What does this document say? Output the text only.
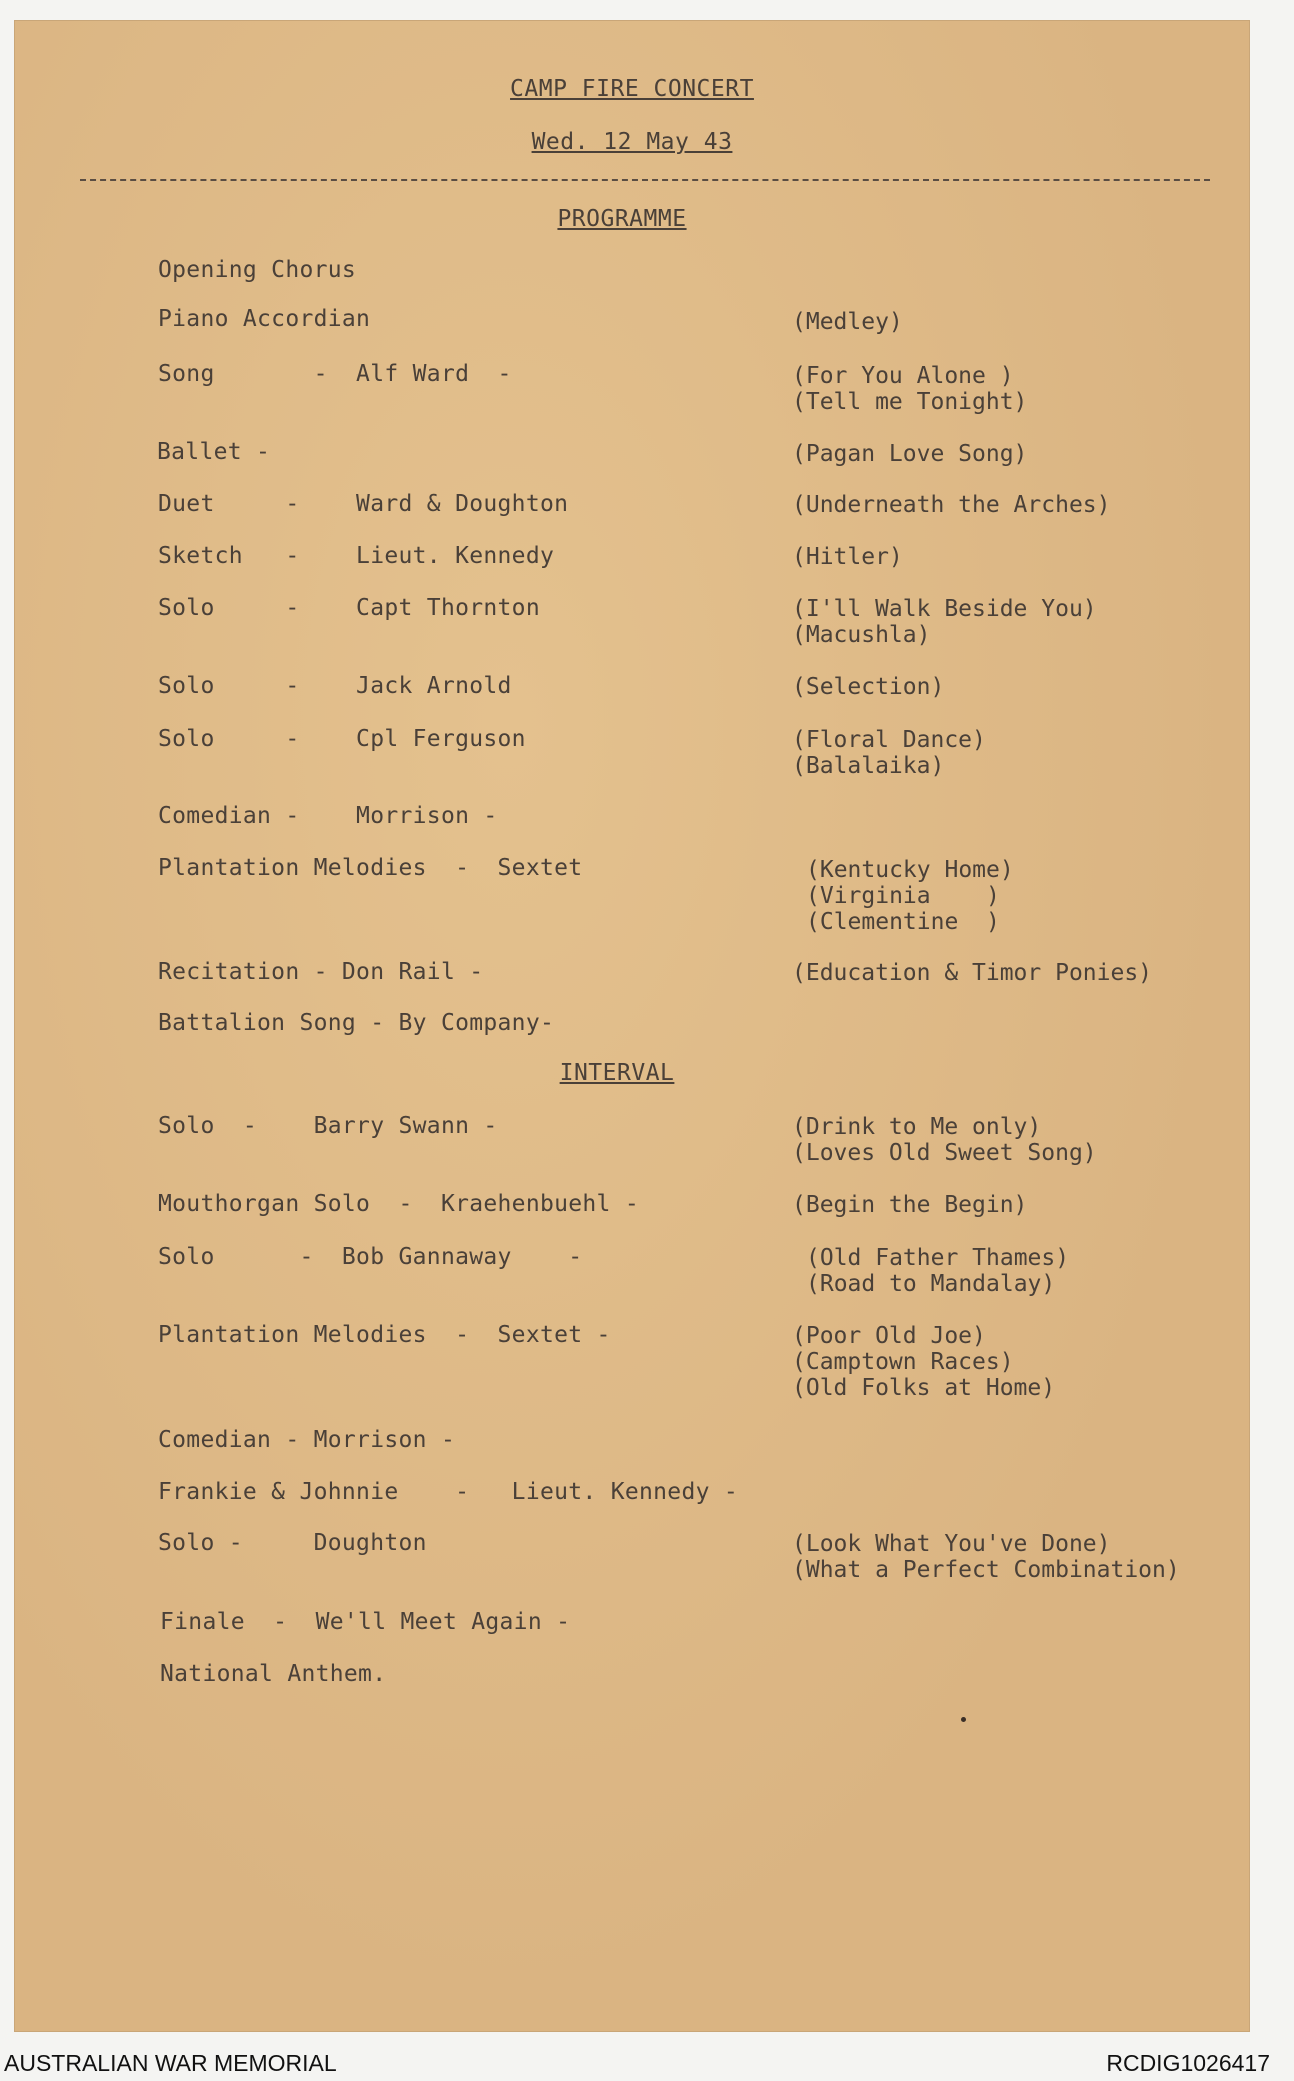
CAMP FIRE CONCERT
Wed. 12 May 43
PROGRAMME
Opening Chorus
Piano Accordian	(Medley)
Song       -  Alf Ward  -	(For You Alone )
(Tell me Tonight)
Ballet -	(Pagan Love Song)
Duet     -    Ward & Doughton	(Underneath the Arches)
Sketch   -    Lieut. Kennedy	(Hitler)
Solo     -    Capt Thornton	(I'll Walk Beside You)
(Macushla)
Solo     -    Jack Arnold	(Selection)
Solo     -    Cpl Ferguson	(Floral Dance)
(Balalaika)
Comedian -    Morrison -
Plantation Melodies  -  Sextet	(Kentucky Home)
(Virginia    )
(Clementine  )
Recitation - Don Rail -	(Education & Timor Ponies)
Battalion Song - By Company-
INTERVAL
Solo  -    Barry Swann -	(Drink to Me only)
(Loves Old Sweet Song)
Mouthorgan Solo  -  Kraehenbuehl -	(Begin the Begin)
Solo      -  Bob Gannaway    -	(Old Father Thames)
(Road to Mandalay)
Plantation Melodies  -  Sextet -	(Poor Old Joe)
(Camptown Races)
(Old Folks at Home)
Comedian - Morrison -
Frankie & Johnnie    -   Lieut. Kennedy -
Solo -     Doughton	(Look What You've Done)
(What a Perfect Combination)
Finale  -  We'll Meet Again -
National Anthem.
AUSTRALIAN WAR MEMORIAL	RCDIG1026417
